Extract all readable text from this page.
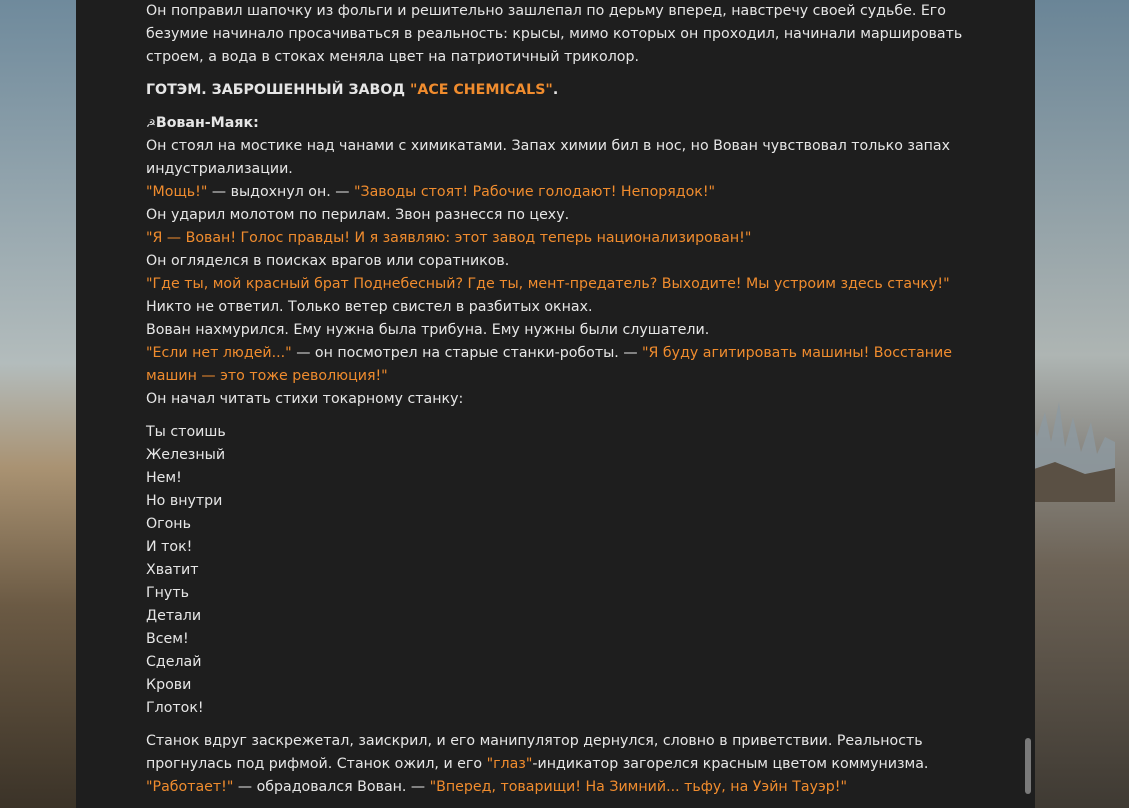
Он поправил шапочку из фольги и решительно зашлепал по дерьму вперед, навстречу своей судьбе. Его

безумие начинало просачиваться в реальность: крысы, мимо которых он проходил, начинали маршировать

строем, а вода в стоках меняла цвет на патриотичный триколор.

ГОТЭМ. ЗАБРОШЕННЫЙ ЗАВОД "ACE CHEMICALS".

☭Вован-Маяк:

Он стоял на мостике над чанами с химикатами. Запах химии бил в нос, но Вован чувствовал только запах

индустриализации.

"Мощь!" — выдохнул он. — "Заводы стоят! Рабочие голодают! Непорядок!"

Он ударил молотом по перилам. Звон разнесся по цеху.

"Я — Вован! Голос правды! И я заявляю: этот завод теперь национализирован!"

Он огляделся в поисках врагов или соратников.

"Где ты, мой красный брат Поднебесный? Где ты, мент-предатель? Выходите! Мы устроим здесь стачку!"

Никто не ответил. Только ветер свистел в разбитых окнах.

Вован нахмурился. Ему нужна была трибуна. Ему нужны были слушатели.

"Если нет людей..." — он посмотрел на старые станки-роботы. — "Я буду агитировать машины! Восстание

машин — это тоже революция!"

Он начал читать стихи токарному станку:

Ты стоишь

Железный

Нем!

Но внутри

Огонь

И ток!

Хватит

Гнуть

Детали

Всем!

Сделай

Крови

Глоток!

Станок вдруг заскрежетал, заискрил, и его манипулятор дернулся, словно в приветствии. Реальность

прогнулась под рифмой. Станок ожил, и его "глаз"-индикатор загорелся красным цветом коммунизма.

"Работает!" — обрадовался Вован. — "Вперед, товарищи! На Зимний... тьфу, на Уэйн Тауэр!"
